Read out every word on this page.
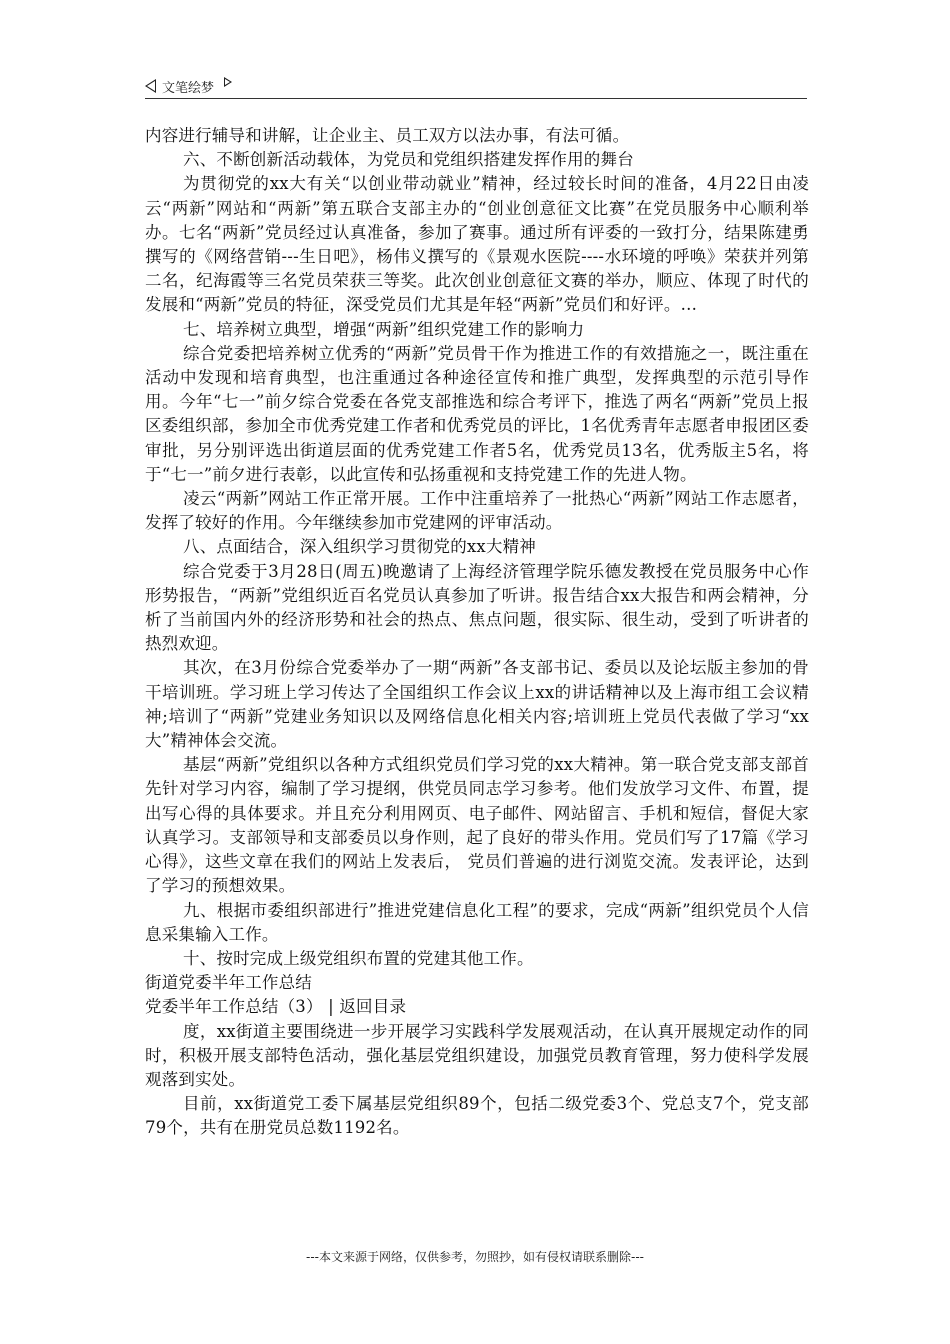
文笔绘梦

内容进行辅导和讲解，让企业主、员工双方以法办事，有法可循。

六、不断创新活动载体，为党员和党组织搭建发挥作用的舞台

为贯彻党的xx大有关“以创业带动就业”精神，经过较长时间的准备，4月22日由凌云“两新”网站和“两新”第五联合支部主办的“创业创意征文比赛”在党员服务中心顺利举办。七名“两新”党员经过认真准备，参加了赛事。通过所有评委的一致打分，结果陈建勇撰写的《网络营销---生日吧》，杨伟义撰写的《景观水医院----水环境的呼唤》荣获并列第二名，纪海霞等三名党员荣获三等奖。此次创业创意征文赛的举办，顺应、体现了时代的发展和“两新”党员的特征，深受党员们尤其是年轻“两新”党员们和好评。…

七、培养树立典型，增强“两新”组织党建工作的影响力

综合党委把培养树立优秀的“两新”党员骨干作为推进工作的有效措施之一，既注重在活动中发现和培育典型，也注重通过各种途径宣传和推广典型，发挥典型的示范引导作用。今年“七一”前夕综合党委在各党支部推选和综合考评下，推选了两名“两新”党员上报区委组织部，参加全市优秀党建工作者和优秀党员的评比，1名优秀青年志愿者申报团区委审批，另分别评选出街道层面的优秀党建工作者5名，优秀党员13名，优秀版主5名，将于“七一”前夕进行表彰，以此宣传和弘扬重视和支持党建工作的先进人物。

凌云“两新”网站工作正常开展。工作中注重培养了一批热心“两新”网站工作志愿者，发挥了较好的作用。今年继续参加市党建网的评审活动。

八、点面结合，深入组织学习贯彻党的xx大精神

综合党委于3月28日(周五)晚邀请了上海经济管理学院乐德发教授在党员服务中心作形势报告，“两新”党组织近百名党员认真参加了听讲。报告结合xx大报告和两会精神，分析了当前国内外的经济形势和社会的热点、焦点问题，很实际、很生动，受到了听讲者的热烈欢迎。

其次，在3月份综合党委举办了一期“两新”各支部书记、委员以及论坛版主参加的骨干培训班。学习班上学习传达了全国组织工作会议上xx的讲话精神以及上海市组工会议精神;培训了“两新”党建业务知识以及网络信息化相关内容;培训班上党员代表做了学习“xx大”精神体会交流。

基层“两新”党组织以各种方式组织党员们学习党的xx大精神。第一联合党支部支部首先针对学习内容，编制了学习提纲，供党员同志学习参考。他们发放学习文件、布置，提出写心得的具体要求。并且充分利用网页、电子邮件、网站留言、手机和短信，督促大家认真学习。支部领导和支部委员以身作则，起了良好的带头作用。党员们写了17篇《学习心得》，这些文章在我们的网站上发表后， 党员们普遍的进行浏览交流。发表评论，达到了学习的预想效果。

九、根据市委组织部进行”推进党建信息化工程”的要求，完成“两新”组织党员个人信息采集输入工作。

十、按时完成上级党组织布置的党建其他工作。

街道党委半年工作总结

党委半年工作总结（3） | 返回目录

度，xx街道主要围绕进一步开展学习实践科学发展观活动，在认真开展规定动作的同时，积极开展支部特色活动，强化基层党组织建设，加强党员教育管理，努力使科学发展观落到实处。

目前，xx街道党工委下属基层党组织89个，包括二级党委3个、党总支7个，党支部79个，共有在册党员总数1192名。

---本文来源于网络，仅供参考，勿照抄，如有侵权请联系删除---
